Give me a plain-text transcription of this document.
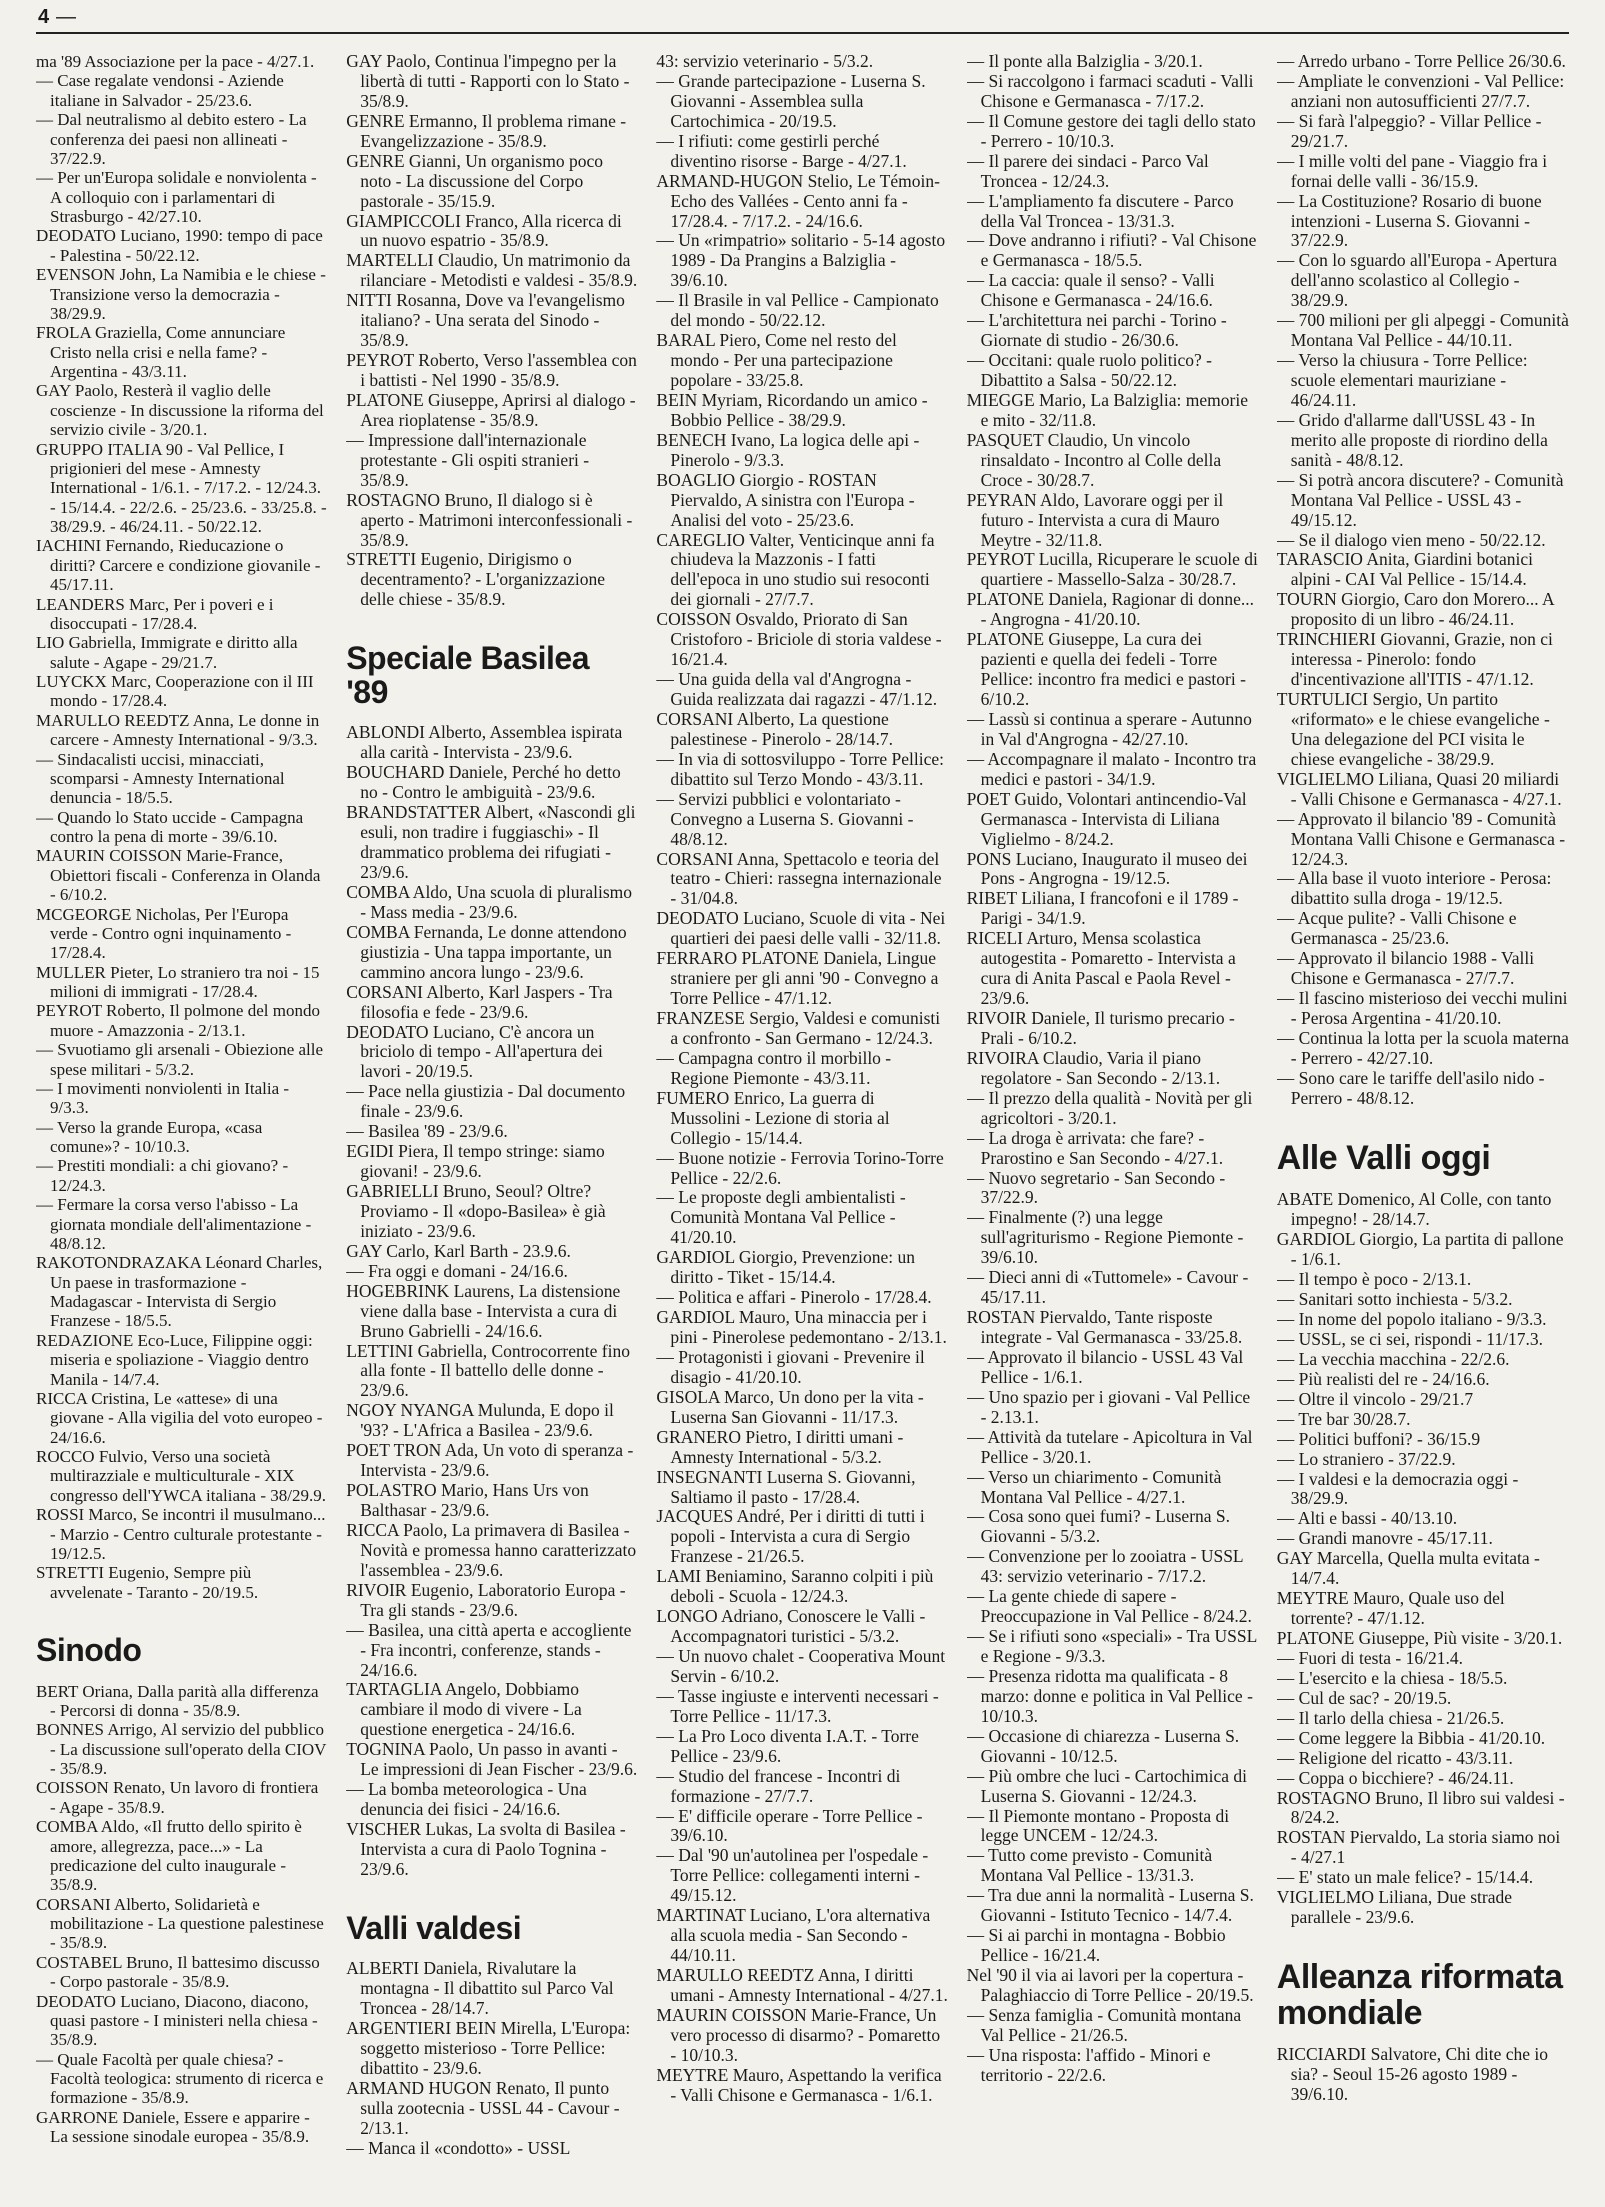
4 —

ma '89 Associazione per la pace - 4/27.1.

— Case regalate vendonsi - Aziende italiane in Salvador - 25/23.6.

— Dal neutralismo al debito estero - La conferenza dei paesi non allineati - 37/22.9.

— Per un'Europa solidale e nonviolenta - A colloquio con i parlamentari di Strasburgo - 42/27.10.

DEODATO Luciano, 1990: tempo di pace - Palestina - 50/22.12.

EVENSON John, La Namibia e le chiese - Transizione verso la democrazia - 38/29.9.

FROLA Graziella, Come annunciare Cristo nella crisi e nella fame? - Argentina - 43/3.11.

GAY Paolo, Resterà il vaglio delle coscienze - In discussione la riforma del servizio civile - 3/20.1.

GRUPPO ITALIA 90 - Val Pellice, I prigionieri del mese - Amnesty International - 1/6.1. - 7/17.2. - 12/24.3. - 15/14.4. - 22/2.6. - 25/23.6. - 33/25.8. - 38/29.9. - 46/24.11. - 50/22.12.

IACHINI Fernando, Rieducazione o diritti? Carcere e condizione giovanile - 45/17.11.

LEANDERS Marc, Per i poveri e i disoccupati - 17/28.4.

LIO Gabriella, Immigrate e diritto alla salute - Agape - 29/21.7.

LUYCKX Marc, Cooperazione con il III mondo - 17/28.4.

MARULLO REEDTZ Anna, Le donne in carcere - Amnesty International - 9/3.3.

— Sindacalisti uccisi, minacciati, scomparsi - Amnesty International denuncia - 18/5.5.

— Quando lo Stato uccide - Campagna contro la pena di morte - 39/6.10.

MAURIN COISSON Marie-France, Obiettori fiscali - Conferenza in Olanda - 6/10.2.

MCGEORGE Nicholas, Per l'Europa verde - Contro ogni inquinamento - 17/28.4.

MULLER Pieter, Lo straniero tra noi - 15 milioni di immigrati - 17/28.4.

PEYROT Roberto, Il polmone del mondo muore - Amazzonia - 2/13.1.

— Svuotiamo gli arsenali - Obiezione alle spese militari - 5/3.2.

— I movimenti nonviolenti in Italia - 9/3.3.

— Verso la grande Europa, «casa comune»? - 10/10.3.

— Prestiti mondiali: a chi giovano? - 12/24.3.

— Fermare la corsa verso l'abisso - La giornata mondiale dell'alimentazione - 48/8.12.

RAKOTONDRAZAKA Léonard Charles, Un paese in trasformazione - Madagascar - Intervista di Sergio Franzese - 18/5.5.

REDAZIONE Eco-Luce, Filippine oggi: miseria e spoliazione - Viaggio dentro Manila - 14/7.4.

RICCA Cristina, Le «attese» di una giovane - Alla vigilia del voto europeo - 24/16.6.

ROCCO Fulvio, Verso una società multirazziale e multiculturale - XIX congresso dell'YWCA italiana - 38/29.9.

ROSSI Marco, Se incontri il musulmano... - Marzio - Centro culturale protestante - 19/12.5.

STRETTI Eugenio, Sempre più avvelenate - Taranto - 20/19.5.

Sinodo

BERT Oriana, Dalla parità alla differenza - Percorsi di donna - 35/8.9.

BONNES Arrigo, Al servizio del pubblico - La discussione sull'operato della CIOV - 35/8.9.

COISSON Renato, Un lavoro di frontiera - Agape - 35/8.9.

COMBA Aldo, «Il frutto dello spirito è amore, allegrezza, pace...» - La predicazione del culto inaugurale - 35/8.9.

CORSANI Alberto, Solidarietà e mobilitazione - La questione palestinese - 35/8.9.

COSTABEL Bruno, Il battesimo discusso - Corpo pastorale - 35/8.9.

DEODATO Luciano, Diacono, diacono, quasi pastore - I ministeri nella chiesa - 35/8.9.

— Quale Facoltà per quale chiesa? - Facoltà teologica: strumento di ricerca e formazione - 35/8.9.

GARRONE Daniele, Essere e apparire - La sessione sinodale europea - 35/8.9.

GAY Paolo, Continua l'impegno per la libertà di tutti - Rapporti con lo Stato - 35/8.9.

GENRE Ermanno, Il problema rimane - Evangelizzazione - 35/8.9.

GENRE Gianni, Un organismo poco noto - La discussione del Corpo pastorale - 35/15.9.

GIAMPICCOLI Franco, Alla ricerca di un nuovo espatrio - 35/8.9.

MARTELLI Claudio, Un matrimonio da rilanciare - Metodisti e valdesi - 35/8.9.

NITTI Rosanna, Dove va l'evangelismo italiano? - Una serata del Sinodo - 35/8.9.

PEYROT Roberto, Verso l'assemblea con i battisti - Nel 1990 - 35/8.9.

PLATONE Giuseppe, Aprirsi al dialogo - Area rioplatense - 35/8.9.

— Impressione dall'internazionale protestante - Gli ospiti stranieri - 35/8.9.

ROSTAGNO Bruno, Il dialogo si è aperto - Matrimoni interconfessionali - 35/8.9.

STRETTI Eugenio, Dirigismo o decentramento? - L'organizzazione delle chiese - 35/8.9.

Speciale Basilea '89

ABLONDI Alberto, Assemblea ispirata alla carità - Intervista - 23/9.6.

BOUCHARD Daniele, Perché ho detto no - Contro le ambiguità - 23/9.6.

BRANDSTATTER Albert, «Nascondi gli esuli, non tradire i fuggiaschi» - Il drammatico problema dei rifugiati - 23/9.6.

COMBA Aldo, Una scuola di pluralismo - Mass media - 23/9.6.

COMBA Fernanda, Le donne attendono giustizia - Una tappa importante, un cammino ancora lungo - 23/9.6.

CORSANI Alberto, Karl Jaspers - Tra filosofia e fede - 23/9.6.

DEODATO Luciano, C'è ancora un briciolo di tempo - All'apertura dei lavori - 20/19.5.

— Pace nella giustizia - Dal documento finale - 23/9.6.

— Basilea '89 - 23/9.6.

EGIDI Piera, Il tempo stringe: siamo giovani! - 23/9.6.

GABRIELLI Bruno, Seoul? Oltre? Proviamo - Il «dopo-Basilea» è già iniziato - 23/9.6.

GAY Carlo, Karl Barth - 23.9.6.

— Fra oggi e domani - 24/16.6.

HOGEBRINK Laurens, La distensione viene dalla base - Intervista a cura di Bruno Gabrielli - 24/16.6.

LETTINI Gabriella, Controcorrente fino alla fonte - Il battello delle donne - 23/9.6.

NGOY NYANGA Mulunda, E dopo il '93? - L'Africa a Basilea - 23/9.6.

POET TRON Ada, Un voto di speranza - Intervista - 23/9.6.

POLASTRO Mario, Hans Urs von Balthasar - 23/9.6.

RICCA Paolo, La primavera di Basilea - Novità e promessa hanno caratterizzato l'assemblea - 23/9.6.

RIVOIR Eugenio, Laboratorio Europa - Tra gli stands - 23/9.6.

— Basilea, una città aperta e accogliente - Fra incontri, conferenze, stands - 24/16.6.

TARTAGLIA Angelo, Dobbiamo cambiare il modo di vivere - La questione energetica - 24/16.6.

TOGNINA Paolo, Un passo in avanti - Le impressioni di Jean Fischer - 23/9.6.

— La bomba meteorologica - Una denuncia dei fisici - 24/16.6.

VISCHER Lukas, La svolta di Basilea - Intervista a cura di Paolo Tognina - 23/9.6.

Valli valdesi

ALBERTI Daniela, Rivalutare la montagna - Il dibattito sul Parco Val Troncea - 28/14.7.

ARGENTIERI BEIN Mirella, L'Europa: soggetto misterioso - Torre Pellice: dibattito - 23/9.6.

ARMAND HUGON Renato, Il punto sulla zootecnia - USSL 44 - Cavour - 2/13.1.

— Manca il «condotto» - USSL

43: servizio veterinario - 5/3.2.

— Grande partecipazione - Luserna S. Giovanni - Assemblea sulla Cartochimica - 20/19.5.

— I rifiuti: come gestirli perché diventino risorse - Barge - 4/27.1.

ARMAND-HUGON Stelio, Le Témoin-Echo des Vallées - Cento anni fa - 17/28.4. - 7/17.2. - 24/16.6.

— Un «rimpatrio» solitario - 5-14 agosto 1989 - Da Prangins a Balziglia - 39/6.10.

— Il Brasile in val Pellice - Campionato del mondo - 50/22.12.

BARAL Piero, Come nel resto del mondo - Per una partecipazione popolare - 33/25.8.

BEIN Myriam, Ricordando un amico - Bobbio Pellice - 38/29.9.

BENECH Ivano, La logica delle api - Pinerolo - 9/3.3.

BOAGLIO Giorgio - ROSTAN Piervaldo, A sinistra con l'Europa - Analisi del voto - 25/23.6.

CAREGLIO Valter, Venticinque anni fa chiudeva la Mazzonis - I fatti dell'epoca in uno studio sui resoconti dei giornali - 27/7.7.

COISSON Osvaldo, Priorato di San Cristoforo - Briciole di storia valdese - 16/21.4.

— Una guida della val d'Angrogna - Guida realizzata dai ragazzi - 47/1.12.

CORSANI Alberto, La questione palestinese - Pinerolo - 28/14.7.

— In via di sottosviluppo - Torre Pellice: dibattito sul Terzo Mondo - 43/3.11.

— Servizi pubblici e volontariato - Convegno a Luserna S. Giovanni - 48/8.12.

CORSANI Anna, Spettacolo e teoria del teatro - Chieri: rassegna internazionale - 31/04.8.

DEODATO Luciano, Scuole di vita - Nei quartieri dei paesi delle valli - 32/11.8.

FERRARO PLATONE Daniela, Lingue straniere per gli anni '90 - Convegno a Torre Pellice - 47/1.12.

FRANZESE Sergio, Valdesi e comunisti a confronto - San Germano - 12/24.3.

— Campagna contro il morbillo - Regione Piemonte - 43/3.11.

FUMERO Enrico, La guerra di Mussolini - Lezione di storia al Collegio - 15/14.4.

— Buone notizie - Ferrovia Torino-Torre Pellice - 22/2.6.

— Le proposte degli ambientalisti - Comunità Montana Val Pellice - 41/20.10.

GARDIOL Giorgio, Prevenzione: un diritto - Tiket - 15/14.4.

— Politica e affari - Pinerolo - 17/28.4.

GARDIOL Mauro, Una minaccia per i pini - Pinerolese pedemontano - 2/13.1.

— Protagonisti i giovani - Prevenire il disagio - 41/20.10.

GISOLA Marco, Un dono per la vita - Luserna San Giovanni - 11/17.3.

GRANERO Pietro, I diritti umani - Amnesty International - 5/3.2.

INSEGNANTI Luserna S. Giovanni, Saltiamo il pasto - 17/28.4.

JACQUES André, Per i diritti di tutti i popoli - Intervista a cura di Sergio Franzese - 21/26.5.

LAMI Beniamino, Saranno colpiti i più deboli - Scuola - 12/24.3.

LONGO Adriano, Conoscere le Valli - Accompagnatori turistici - 5/3.2.

— Un nuovo chalet - Cooperativa Mount Servin - 6/10.2.

— Tasse ingiuste e interventi necessari - Torre Pellice - 11/17.3.

— La Pro Loco diventa I.A.T. - Torre Pellice - 23/9.6.

— Studio del francese - Incontri di formazione - 27/7.7.

— E' difficile operare - Torre Pellice - 39/6.10.

— Dal '90 un'autolinea per l'ospedale - Torre Pellice: collegamenti interni - 49/15.12.

MARTINAT Luciano, L'ora alternativa alla scuola media - San Secondo - 44/10.11.

MARULLO REEDTZ Anna, I diritti umani - Amnesty International - 4/27.1.

MAURIN COISSON Marie-France, Un vero processo di disarmo? - Pomaretto - 10/10.3.

MEYTRE Mauro, Aspettando la verifica - Valli Chisone e Germanasca - 1/6.1.

— Il ponte alla Balziglia - 3/20.1.

— Si raccolgono i farmaci scaduti - Valli Chisone e Germanasca - 7/17.2.

— Il Comune gestore dei tagli dello stato - Perrero - 10/10.3.

— Il parere dei sindaci - Parco Val Troncea - 12/24.3.

— L'ampliamento fa discutere - Parco della Val Troncea - 13/31.3.

— Dove andranno i rifiuti? - Val Chisone e Germanasca - 18/5.5.

— La caccia: quale il senso? - Valli Chisone e Germanasca - 24/16.6.

— L'architettura nei parchi - Torino - Giornate di studio - 26/30.6.

— Occitani: quale ruolo politico? - Dibattito a Salsa - 50/22.12.

MIEGGE Mario, La Balziglia: memorie e mito - 32/11.8.

PASQUET Claudio, Un vincolo rinsaldato - Incontro al Colle della Croce - 30/28.7.

PEYRAN Aldo, Lavorare oggi per il futuro - Intervista a cura di Mauro Meytre - 32/11.8.

PEYROT Lucilla, Ricuperare le scuole di quartiere - Massello-Salza - 30/28.7.

PLATONE Daniela, Ragionar di donne... - Angrogna - 41/20.10.

PLATONE Giuseppe, La cura dei pazienti e quella dei fedeli - Torre Pellice: incontro fra medici e pastori - 6/10.2.

— Lassù si continua a sperare - Autunno in Val d'Angrogna - 42/27.10.

— Accompagnare il malato - Incontro tra medici e pastori - 34/1.9.

POET Guido, Volontari antincendio-Val Germanasca - Intervista di Liliana Viglielmo - 8/24.2.

PONS Luciano, Inaugurato il museo dei Pons - Angrogna - 19/12.5.

RIBET Liliana, I francofoni e il 1789 - Parigi - 34/1.9.

RICELI Arturo, Mensa scolastica autogestita - Pomaretto - Intervista a cura di Anita Pascal e Paola Revel - 23/9.6.

RIVOIR Daniele, Il turismo precario - Prali - 6/10.2.

RIVOIRA Claudio, Varia il piano regolatore - San Secondo - 2/13.1.

— Il prezzo della qualità - Novità per gli agricoltori - 3/20.1.

— La droga è arrivata: che fare? - Prarostino e San Secondo - 4/27.1.

— Nuovo segretario - San Secondo - 37/22.9.

— Finalmente (?) una legge sull'agriturismo - Regione Piemonte - 39/6.10.

— Dieci anni di «Tuttomele» - Cavour - 45/17.11.

ROSTAN Piervaldo, Tante risposte integrate - Val Germanasca - 33/25.8.

— Approvato il bilancio - USSL 43 Val Pellice - 1/6.1.

— Uno spazio per i giovani - Val Pellice - 2.13.1.

— Attività da tutelare - Apicoltura in Val Pellice - 3/20.1.

— Verso un chiarimento - Comunità Montana Val Pellice - 4/27.1.

— Cosa sono quei fumi? - Luserna S. Giovanni - 5/3.2.

— Convenzione per lo zooiatra - USSL 43: servizio veterinario - 7/17.2.

— La gente chiede di sapere - Preoccupazione in Val Pellice - 8/24.2.

— Se i rifiuti sono «speciali» - Tra USSL e Regione - 9/3.3.

— Presenza ridotta ma qualificata - 8 marzo: donne e politica in Val Pellice - 10/10.3.

— Occasione di chiarezza - Luserna S. Giovanni - 10/12.5.

— Più ombre che luci - Cartochimica di Luserna S. Giovanni - 12/24.3.

— Il Piemonte montano - Proposta di legge UNCEM - 12/24.3.

— Tutto come previsto - Comunità Montana Val Pellice - 13/31.3.

— Tra due anni la normalità - Luserna S. Giovanni - Istituto Tecnico - 14/7.4.

— Si ai parchi in montagna - Bobbio Pellice - 16/21.4.

Nel '90 il via ai lavori per la copertura - Palaghiaccio di Torre Pellice - 20/19.5.

— Senza famiglia - Comunità montana Val Pellice - 21/26.5.

— Una risposta: l'affido - Minori e territorio - 22/2.6.

— Arredo urbano - Torre Pellice 26/30.6.

— Ampliate le convenzioni - Val Pellice: anziani non autosufficienti 27/7.7.

— Si farà l'alpeggio? - Villar Pellice - 29/21.7.

— I mille volti del pane - Viaggio fra i fornai delle valli - 36/15.9.

— La Costituzione? Rosario di buone intenzioni - Luserna S. Giovanni - 37/22.9.

— Con lo sguardo all'Europa - Apertura dell'anno scolastico al Collegio - 38/29.9.

— 700 milioni per gli alpeggi - Comunità Montana Val Pellice - 44/10.11.

— Verso la chiusura - Torre Pellice: scuole elementari mauriziane - 46/24.11.

— Grido d'allarme dall'USSL 43 - In merito alle proposte di riordino della sanità - 48/8.12.

— Si potrà ancora discutere? - Comunità Montana Val Pellice - USSL 43 - 49/15.12.

— Se il dialogo vien meno - 50/22.12.

TARASCIO Anita, Giardini botanici alpini - CAI Val Pellice - 15/14.4.

TOURN Giorgio, Caro don Morero... A proposito di un libro - 46/24.11.

TRINCHIERI Giovanni, Grazie, non ci interessa - Pinerolo: fondo d'incentivazione all'ITIS - 47/1.12.

TURTULICI Sergio, Un partito «riformato» e le chiese evangeliche - Una delegazione del PCI visita le chiese evangeliche - 38/29.9.

VIGLIELMO Liliana, Quasi 20 miliardi - Valli Chisone e Germanasca - 4/27.1.

— Approvato il bilancio '89 - Comunità Montana Valli Chisone e Germanasca - 12/24.3.

— Alla base il vuoto interiore - Perosa: dibattito sulla droga - 19/12.5.

— Acque pulite? - Valli Chisone e Germanasca - 25/23.6.

— Approvato il bilancio 1988 - Valli Chisone e Germanasca - 27/7.7.

— Il fascino misterioso dei vecchi mulini - Perosa Argentina - 41/20.10.

— Continua la lotta per la scuola materna - Perrero - 42/27.10.

— Sono care le tariffe dell'asilo nido - Perrero - 48/8.12.

Alle Valli oggi

ABATE Domenico, Al Colle, con tanto impegno! - 28/14.7.

GARDIOL Giorgio, La partita di pallone - 1/6.1.

— Il tempo è poco - 2/13.1.

— Sanitari sotto inchiesta - 5/3.2.

— In nome del popolo italiano - 9/3.3.

— USSL, se ci sei, rispondi - 11/17.3.

— La vecchia macchina - 22/2.6.

— Più realisti del re - 24/16.6.

— Oltre il vincolo - 29/21.7

— Tre bar 30/28.7.

— Politici buffoni? - 36/15.9

— Lo straniero - 37/22.9.

— I valdesi e la democrazia oggi - 38/29.9.

— Alti e bassi - 40/13.10.

— Grandi manovre - 45/17.11.

GAY Marcella, Quella multa evitata - 14/7.4.

MEYTRE Mauro, Quale uso del torrente? - 47/1.12.

PLATONE Giuseppe, Più visite - 3/20.1.

— Fuori di testa - 16/21.4.

— L'esercito e la chiesa - 18/5.5.

— Cul de sac? - 20/19.5.

— Il tarlo della chiesa - 21/26.5.

— Come leggere la Bibbia - 41/20.10.

— Religione del ricatto - 43/3.11.

— Coppa o bicchiere? - 46/24.11.

ROSTAGNO Bruno, Il libro sui valdesi - 8/24.2.

ROSTAN Piervaldo, La storia siamo noi - 4/27.1

— E' stato un male felice? - 15/14.4.

VIGLIELMO Liliana, Due strade parallele - 23/9.6.

Alleanza riformata mondiale

RICCIARDI Salvatore, Chi dite che io sia? - Seoul 15-26 agosto 1989 - 39/6.10.
